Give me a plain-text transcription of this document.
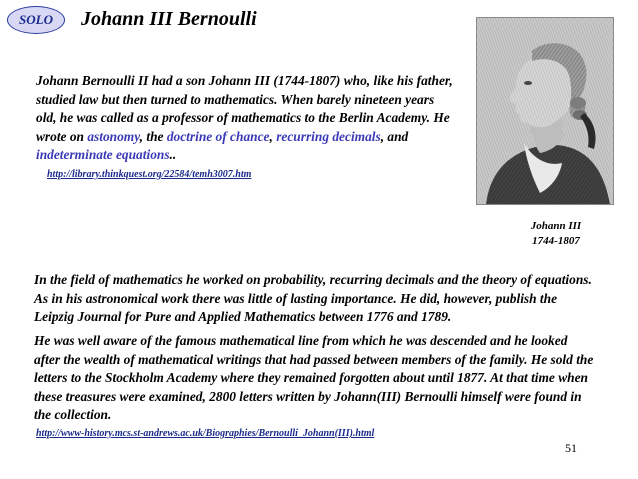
SOLO Johann III Bernoulli
Johann Bernoulli II had a son Johann III (1744-1807) who, like his father, studied law but then turned to mathematics. When barely nineteen years old, he was called as a professor of mathematics to the Berlin Academy. He wrote on astonomy, the doctrine of chance, recurring decimals, and indeterminate equations..
http://library.thinkquest.org/22584/temh3007.htm
Johann III
1744-1807
In the field of mathematics he worked on probability, recurring decimals and the theory of equations. As in his astronomical work there was little of lasting importance. He did, however, publish the Leipzig Journal for Pure and Applied Mathematics between 1776 and 1789.
He was well aware of the famous mathematical line from which he was descended and he looked after the wealth of mathematical writings that had passed between members of the family. He sold the letters to the Stockholm Academy where they remained forgotten about until 1877. At that time when these treasures were examined, 2800 letters written by Johann(III) Bernoulli himself were found in the collection.
http://www-history.mcs.st-andrews.ac.uk/Biographies/Bernoulli_Johann(III).html
51
